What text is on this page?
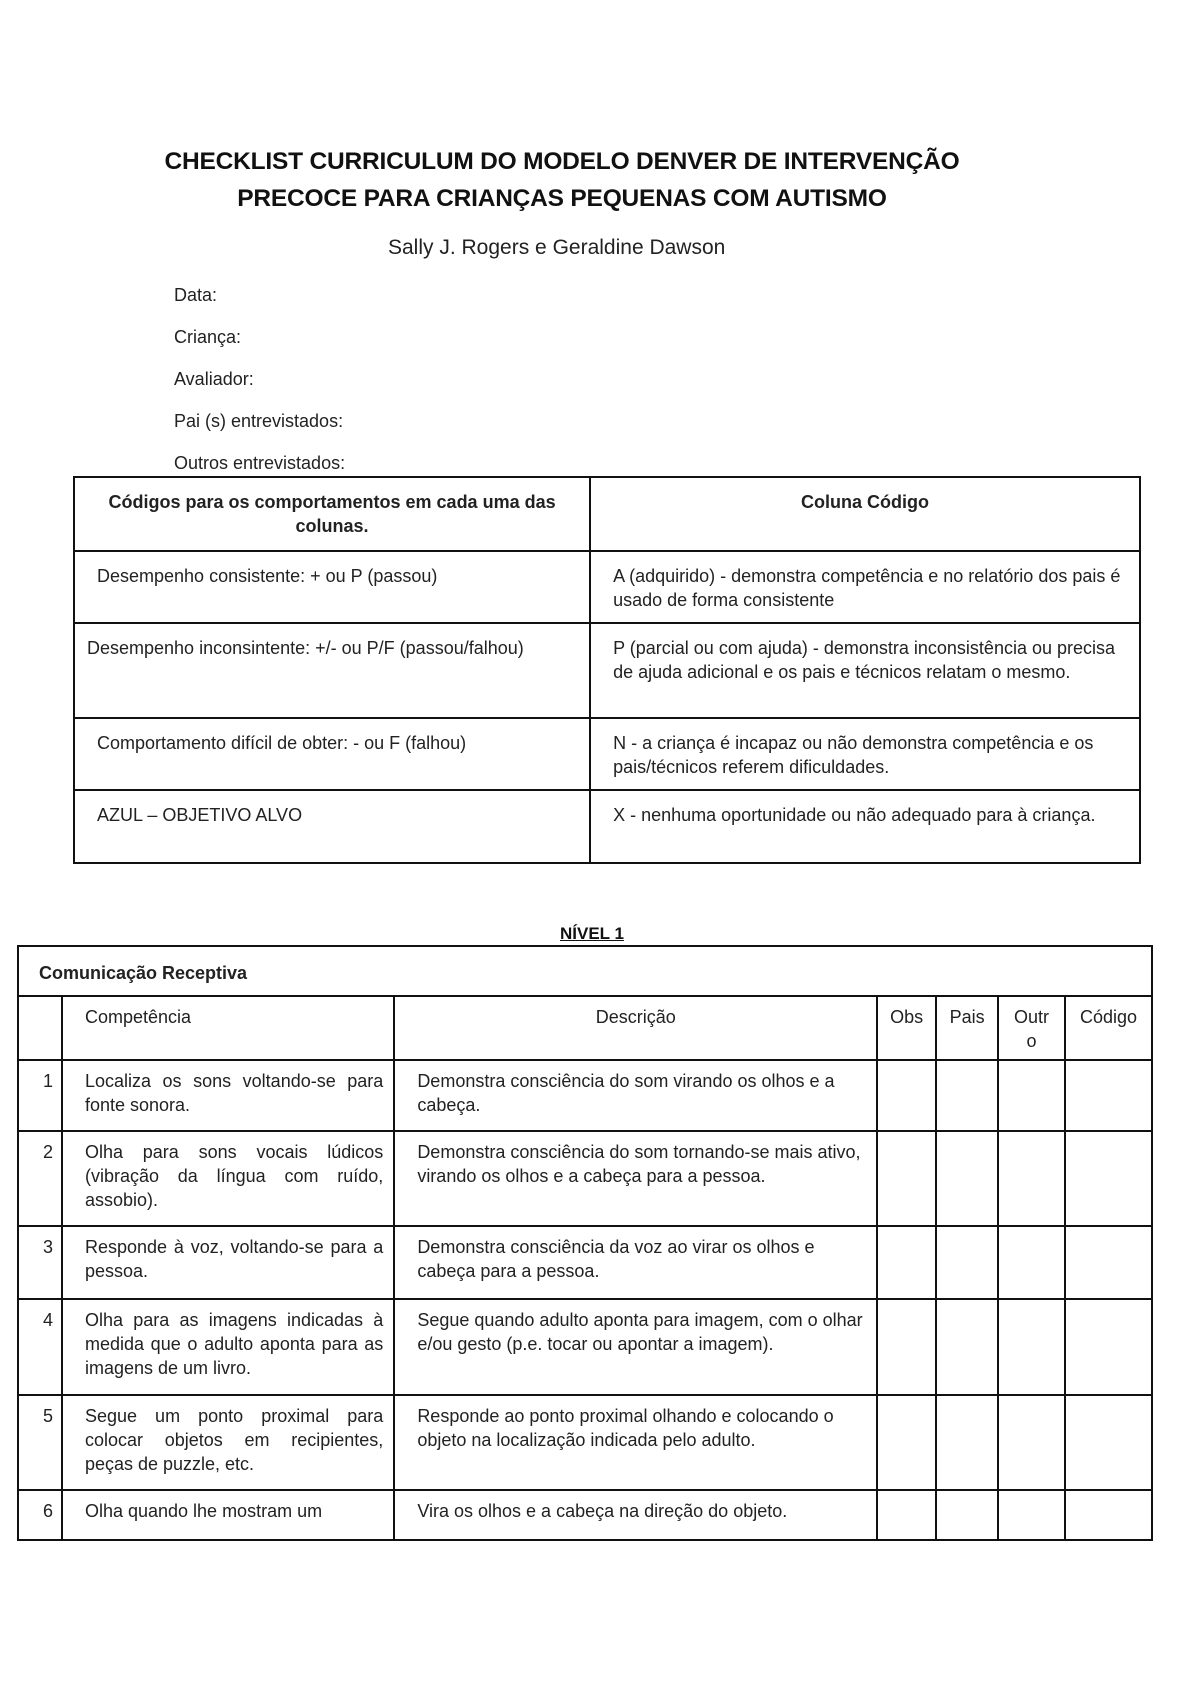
CHECKLIST CURRICULUM DO MODELO DENVER DE INTERVENÇÃO
PRECOCE PARA CRIANÇAS PEQUENAS COM AUTISMO
Sally J. Rogers e Geraldine Dawson
Data:
Criança:
Avaliador:
Pai (s) entrevistados:
Outros entrevistados:
Códigos para os comportamentos em cada uma das colunas.	Coluna Código
Desempenho consistente: + ou P (passou)	A (adquirido) - demonstra competência e no relatório dos pais é usado de forma consistente
Desempenho inconsintente: +/- ou P/F (passou/falhou)	P (parcial ou com ajuda) - demonstra inconsistência ou precisa de ajuda adicional e os pais e técnicos relatam o mesmo.
Comportamento difícil de obter: - ou F (falhou)	N - a criança é incapaz ou não demonstra competência e os pais/técnicos referem dificuldades.
AZUL – OBJETIVO ALVO	X - nenhuma oportunidade ou não adequado para à criança.
NÍVEL 1
Comunicação Receptiva						
	Competência	Descrição	Obs	Pais	Outro	Código
1	Localiza os sons voltando-se para fonte sonora.	Demonstra consciência do som virando os olhos e a cabeça.				
2	Olha para sons vocais lúdicos (vibração da língua com ruído, assobio).	Demonstra consciência do som tornando-se mais ativo, virando os olhos e a cabeça para a pessoa.				
3	Responde à voz, voltando-se para a pessoa.	Demonstra consciência da voz ao virar os olhos e cabeça para a pessoa.				
4	Olha para as imagens indicadas à medida que o adulto aponta para as imagens de um livro.	Segue quando adulto aponta para imagem, com o olhar e/ou gesto (p.e. tocar ou apontar a imagem).				
5	Segue um ponto proximal para colocar objetos em recipientes, peças de puzzle, etc.	Responde ao ponto proximal olhando e colocando o objeto na localização indicada pelo adulto.				
6	Olha quando lhe mostram um	Vira os olhos e a cabeça na direção do objeto.				
